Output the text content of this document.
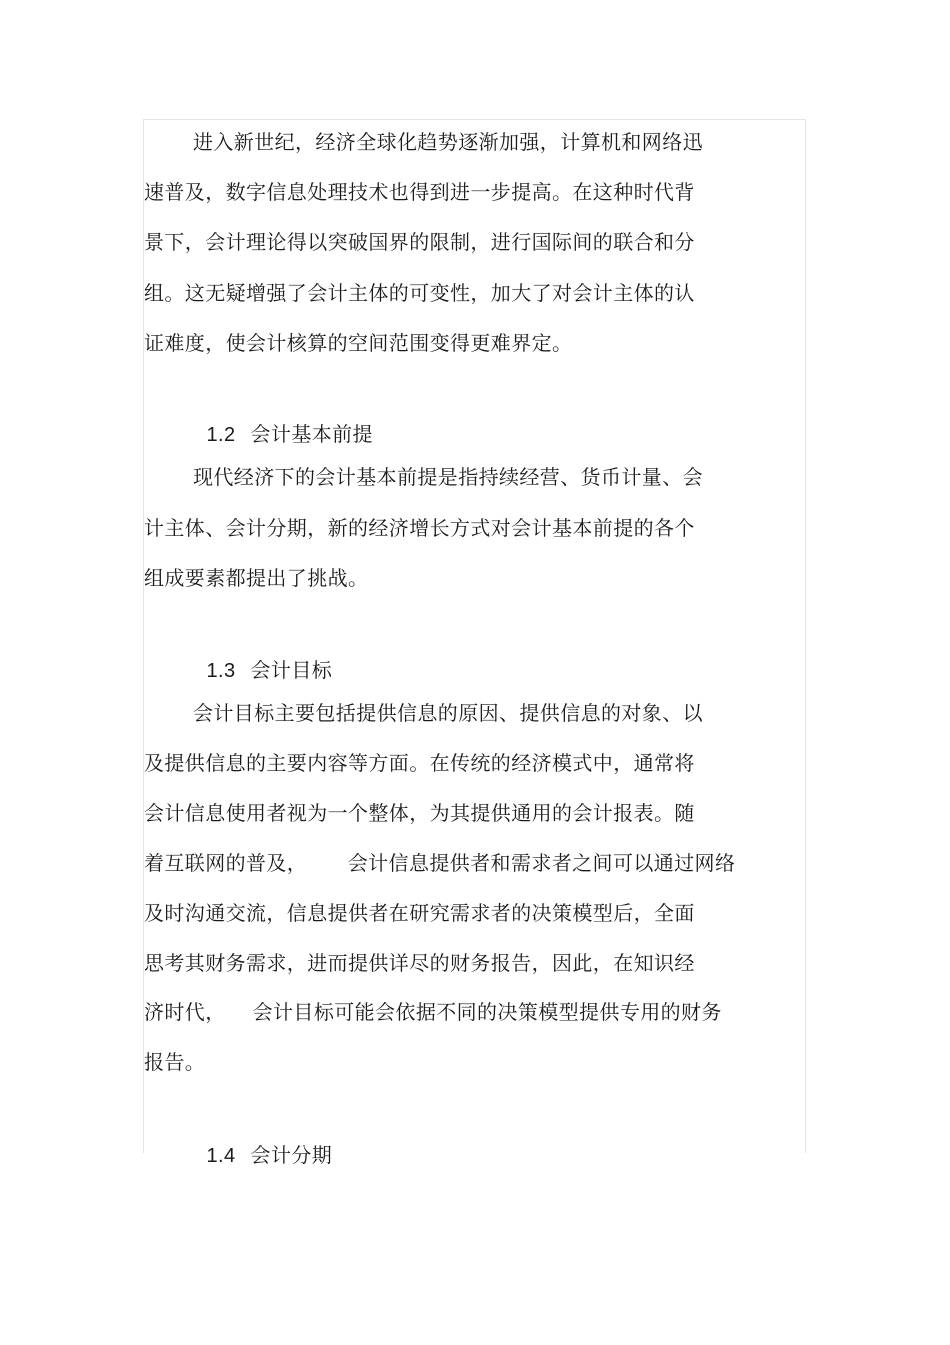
进入新世纪，经济全球化趋势逐渐加强，计算机和网络迅
速普及，数字信息处理技术也得到进一步提高。在这种时代背
景下，会计理论得以突破国界的限制，进行国际间的联合和分
组。这无疑增强了会计主体的可变性，加大了对会计主体的认
证难度，使会计核算的空间范围变得更难界定。

1.2 会计基本前提

现代经济下的会计基本前提是指持续经营、货币计量、会
计主体、会计分期，新的经济增长方式对会计基本前提的各个
组成要素都提出了挑战。

1.3 会计目标

会计目标主要包括提供信息的原因、提供信息的对象、以
及提供信息的主要内容等方面。在传统的经济模式中，通常将
会计信息使用者视为一个整体，为其提供通用的会计报表。随
着互联网的普及，      会计信息提供者和需求者之间可以通过网络
及时沟通交流，信息提供者在研究需求者的决策模型后，全面
思考其财务需求，进而提供详尽的财务报告，因此，在知识经
济时代，    会计目标可能会依据不同的决策模型提供专用的财务
报告。

1.4 会计分期
